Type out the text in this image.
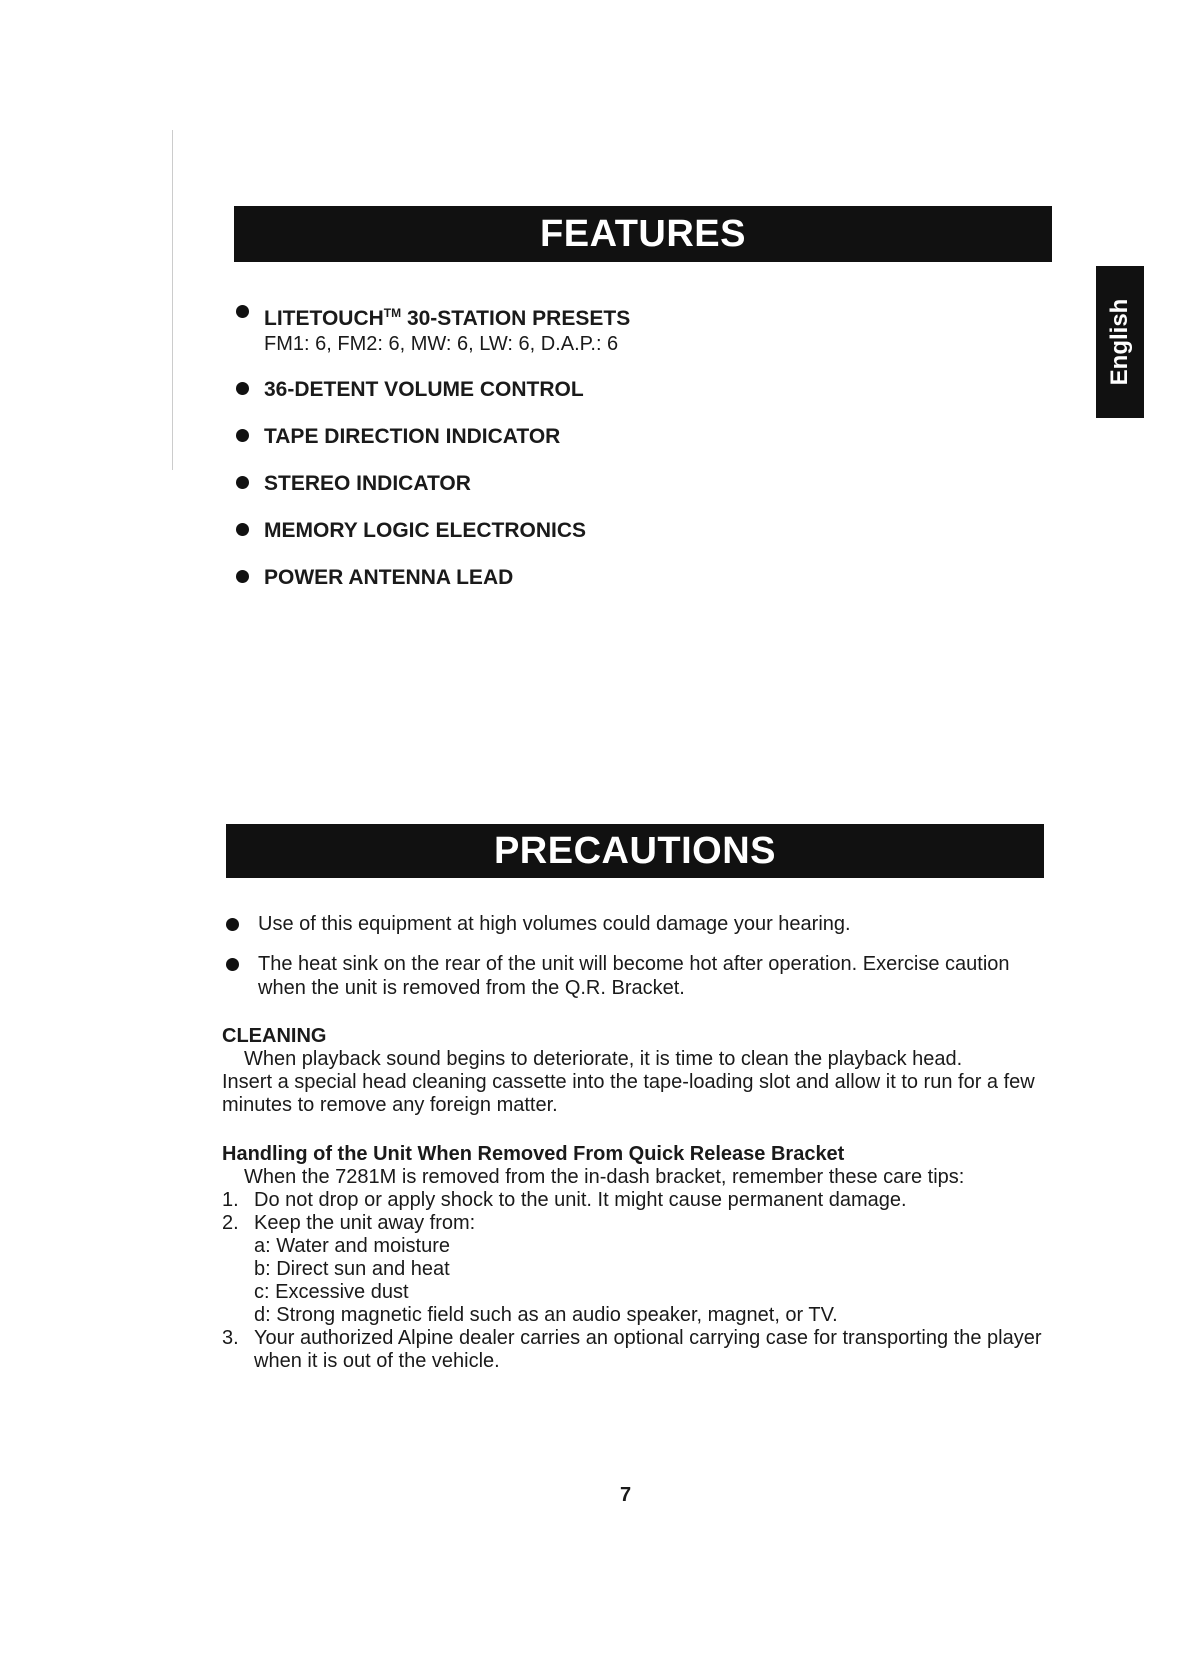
FEATURES
English
LITETOUCH™ 30-STATION PRESETS
FM1: 6, FM2: 6, MW: 6, LW: 6, D.A.P.: 6
36-DETENT VOLUME CONTROL
TAPE DIRECTION INDICATOR
STEREO INDICATOR
MEMORY LOGIC ELECTRONICS
POWER ANTENNA LEAD
PRECAUTIONS
Use of this equipment at high volumes could damage your hearing.
The heat sink on the rear of the unit will become hot after operation. Exercise caution when the unit is removed from the Q.R. Bracket.
CLEANING
When playback sound begins to deteriorate, it is time to clean the playback head.
Insert a special head cleaning cassette into the tape-loading slot and allow it to run for a few minutes to remove any foreign matter.
Handling of the Unit When Removed From Quick Release Bracket
When the 7281M is removed from the in-dash bracket, remember these care tips:
1. Do not drop or apply shock to the unit. It might cause permanent damage.
2. Keep the unit away from:
a: Water and moisture
b: Direct sun and heat
c: Excessive dust
d: Strong magnetic field such as an audio speaker, magnet, or TV.
3. Your authorized Alpine dealer carries an optional carrying case for transporting the player when it is out of the vehicle.
7
